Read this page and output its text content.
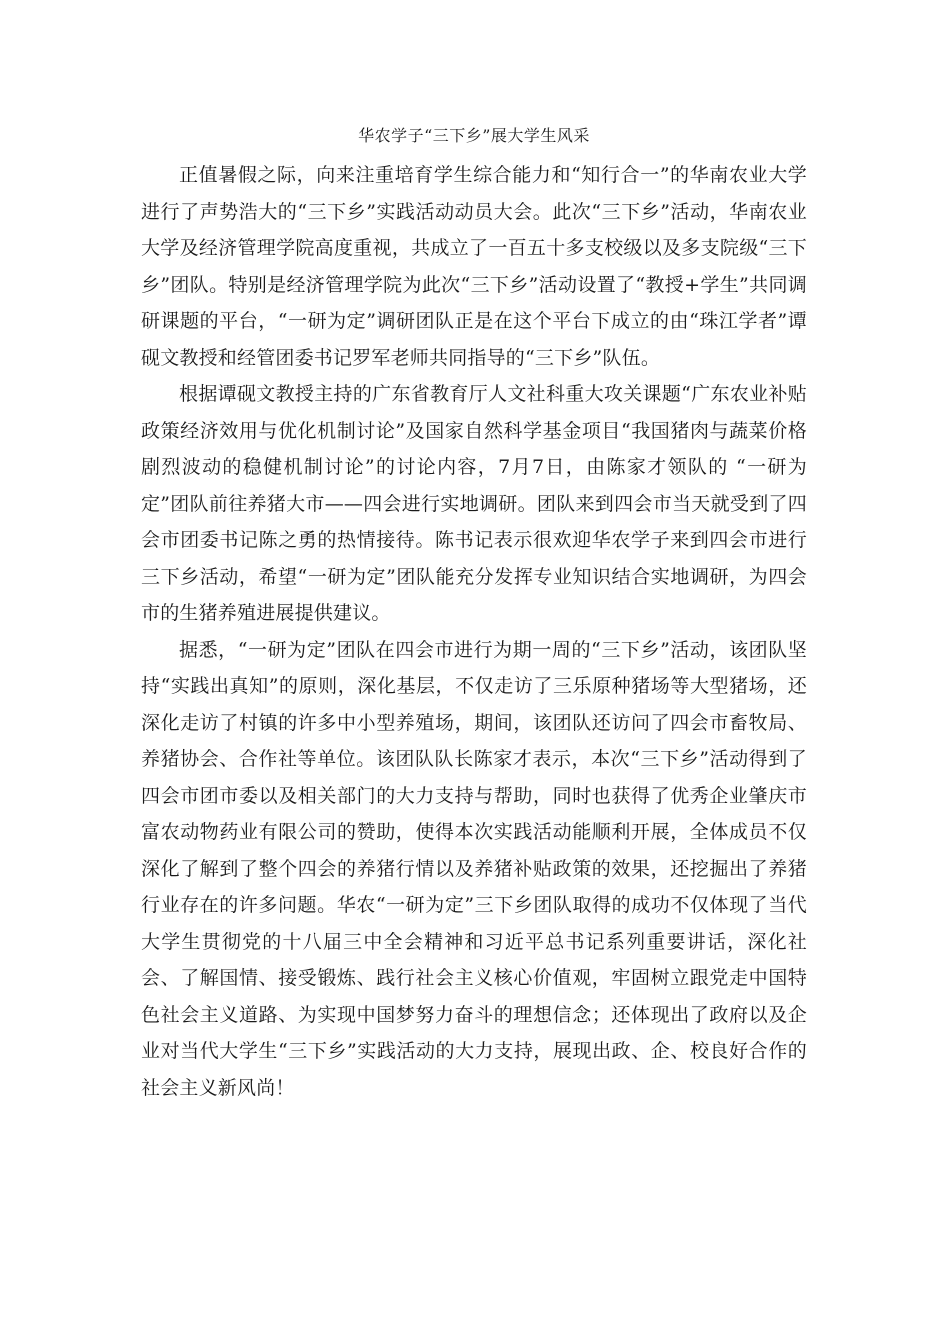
华农学子“三下乡”展大学生风采

正值暑假之际，向来注重培育学生综合能力和“知行合一”的华南农业大学进行了声势浩大的“三下乡”实践活动动员大会。此次“三下乡”活动，华南农业大学及经济管理学院高度重视，共成立了一百五十多支校级以及多支院级“三下乡”团队。特别是经济管理学院为此次“三下乡”活动设置了“教授+学生”共同调研课题的平台，“一研为定”调研团队正是在这个平台下成立的由“珠江学者”谭砚文教授和经管团委书记罗军老师共同指导的“三下乡”队伍。

根据谭砚文教授主持的广东省教育厅人文社科重大攻关课题“广东农业补贴政策经济效用与优化机制讨论”及国家自然科学基金项目“我国猪肉与蔬菜价格剧烈波动的稳健机制讨论”的讨论内容，7月7日，由陈家才领队的 “一研为定”团队前往养猪大市——四会进行实地调研。团队来到四会市当天就受到了四会市团委书记陈之勇的热情接待。陈书记表示很欢迎华农学子来到四会市进行三下乡活动，希望“一研为定”团队能充分发挥专业知识结合实地调研，为四会市的生猪养殖进展提供建议。

据悉，“一研为定”团队在四会市进行为期一周的“三下乡”活动，该团队坚持“实践出真知”的原则，深化基层，不仅走访了三乐原种猪场等大型猪场，还深化走访了村镇的许多中小型养殖场，期间，该团队还访问了四会市畜牧局、养猪协会、合作社等单位。该团队队长陈家才表示，本次“三下乡”活动得到了四会市团市委以及相关部门的大力支持与帮助，同时也获得了优秀企业肇庆市富农动物药业有限公司的赞助，使得本次实践活动能顺利开展，全体成员不仅深化了解到了整个四会的养猪行情以及养猪补贴政策的效果，还挖掘出了养猪行业存在的许多问题。华农“一研为定”三下乡团队取得的成功不仅体现了当代大学生贯彻党的十八届三中全会精神和习近平总书记系列重要讲话，深化社会、了解国情、接受锻炼、践行社会主义核心价值观，牢固树立跟党走中国特色社会主义道路、为实现中国梦努力奋斗的理想信念；还体现出了政府以及企业对当代大学生“三下乡”实践活动的大力支持，展现出政、企、校良好合作的社会主义新风尚！
